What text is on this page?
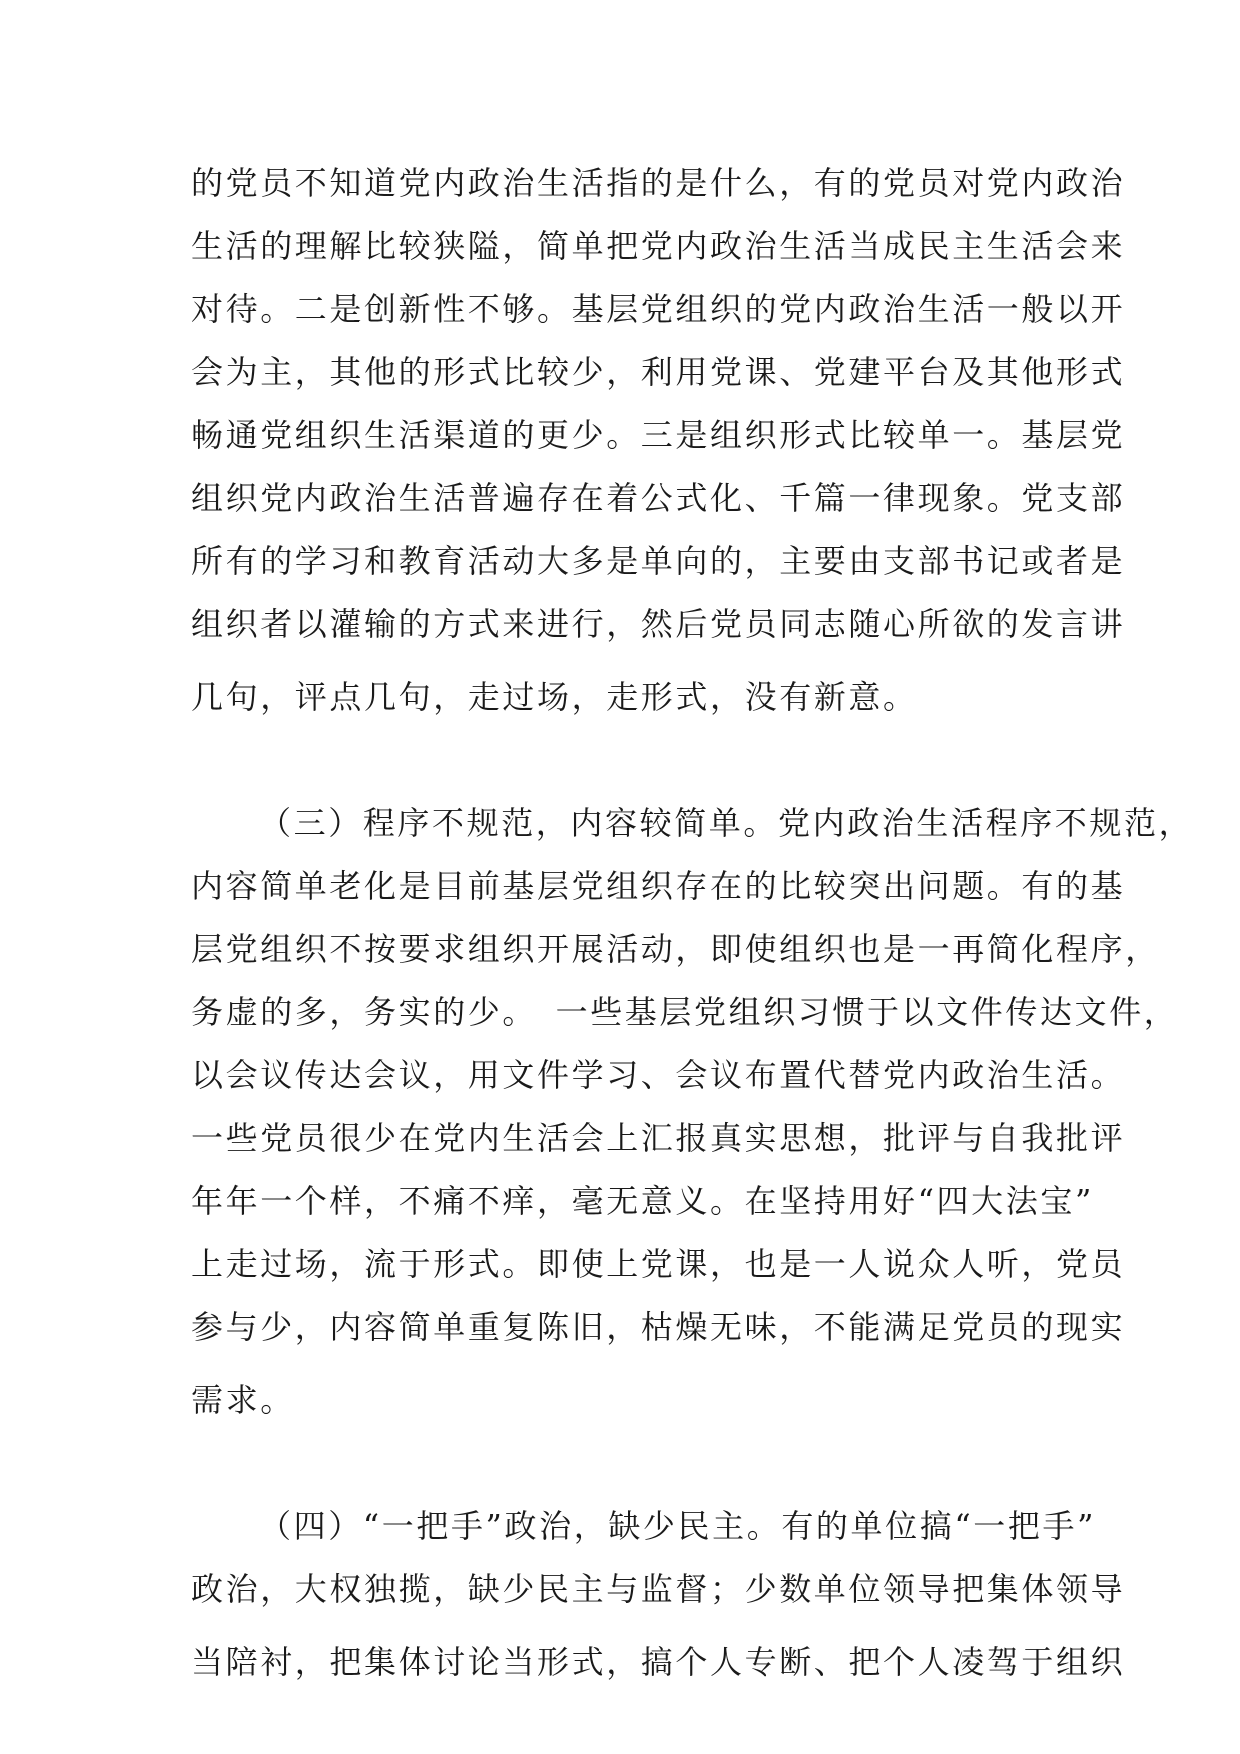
的党员不知道党内政治生活指的是什么，有的党员对党内政治

生活的理解比较狭隘，简单把党内政治生活当成民主生活会来

对待。二是创新性不够。基层党组织的党内政治生活一般以开

会为主，其他的形式比较少，利用党课、党建平台及其他形式

畅通党组织生活渠道的更少。三是组织形式比较单一。基层党

组织党内政治生活普遍存在着公式化、千篇一律现象。党支部

所有的学习和教育活动大多是单向的，主要由支部书记或者是

组织者以灌输的方式来进行，然后党员同志随心所欲的发言讲

几句，评点几句，走过场，走形式，没有新意。

（三）程序不规范，内容较简单。党内政治生活程序不规范，

内容简单老化是目前基层党组织存在的比较突出问题。有的基

层党组织不按要求组织开展活动，即使组织也是一再简化程序，

务虚的多，务实的少。　一些基层党组织习惯于以文件传达文件，

以会议传达会议，用文件学习、会议布置代替党内政治生活。

一些党员很少在党内生活会上汇报真实思想，批评与自我批评

年年一个样，不痛不痒，毫无意义。在坚持用好“四大法宝”

上走过场，流于形式。即使上党课，也是一人说众人听，党员

参与少，内容简单重复陈旧，枯燥无味，不能满足党员的现实

需求。

（四）“一把手”政治，缺少民主。有的单位搞“一把手”

政治，大权独揽，缺少民主与监督；少数单位领导把集体领导

当陪衬，把集体讨论当形式，搞个人专断、把个人凌驾于组织
